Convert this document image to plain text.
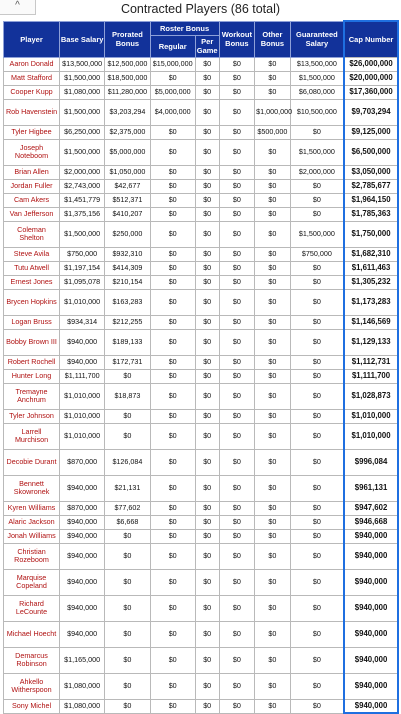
Contracted Players (86 total)
^
Player	Base Salary	Prorated Bonus	Roster Bonus		Workout Bonus	Other Bonus	Guaranteed Salary	Cap Number
			Regular	Per Game				
Aaron Donald	$13,500,000	$12,500,000	$15,000,000	$0	$0	$0	$13,500,000	$26,000,000
Matt Stafford	$1,500,000	$18,500,000	$0	$0	$0	$0	$1,500,000	$20,000,000
Cooper Kupp	$1,080,000	$11,280,000	$5,000,000	$0	$0	$0	$6,080,000	$17,360,000
Rob Havenstein	$1,500,000	$3,203,294	$4,000,000	$0	$0	$1,000,000	$10,500,000	$9,703,294
Tyler Higbee	$6,250,000	$2,375,000	$0	$0	$0	$500,000	$0	$9,125,000
Joseph Noteboom	$1,500,000	$5,000,000	$0	$0	$0	$0	$1,500,000	$6,500,000
Brian Allen	$2,000,000	$1,050,000	$0	$0	$0	$0	$2,000,000	$3,050,000
Jordan Fuller	$2,743,000	$42,677	$0	$0	$0	$0	$0	$2,785,677
Cam Akers	$1,451,779	$512,371	$0	$0	$0	$0	$0	$1,964,150
Van Jefferson	$1,375,156	$410,207	$0	$0	$0	$0	$0	$1,785,363
Coleman Shelton	$1,500,000	$250,000	$0	$0	$0	$0	$1,500,000	$1,750,000
Steve Avila	$750,000	$932,310	$0	$0	$0	$0	$750,000	$1,682,310
Tutu Atwell	$1,197,154	$414,309	$0	$0	$0	$0	$0	$1,611,463
Ernest Jones	$1,095,078	$210,154	$0	$0	$0	$0	$0	$1,305,232
Brycen Hopkins	$1,010,000	$163,283	$0	$0	$0	$0	$0	$1,173,283
Logan Bruss	$934,314	$212,255	$0	$0	$0	$0	$0	$1,146,569
Bobby Brown III	$940,000	$189,133	$0	$0	$0	$0	$0	$1,129,133
Robert Rochell	$940,000	$172,731	$0	$0	$0	$0	$0	$1,112,731
Hunter Long	$1,111,700	$0	$0	$0	$0	$0	$0	$1,111,700
Tremayne Anchrum	$1,010,000	$18,873	$0	$0	$0	$0	$0	$1,028,873
Tyler Johnson	$1,010,000	$0	$0	$0	$0	$0	$0	$1,010,000
Larrell Murchison	$1,010,000	$0	$0	$0	$0	$0	$0	$1,010,000
Decobie Durant	$870,000	$126,084	$0	$0	$0	$0	$0	$996,084
Bennett Skowronek	$940,000	$21,131	$0	$0	$0	$0	$0	$961,131
Kyren Williams	$870,000	$77,602	$0	$0	$0	$0	$0	$947,602
Alaric Jackson	$940,000	$6,668	$0	$0	$0	$0	$0	$946,668
Jonah Williams	$940,000	$0	$0	$0	$0	$0	$0	$940,000
Christian Rozeboom	$940,000	$0	$0	$0	$0	$0	$0	$940,000
Marquise Copeland	$940,000	$0	$0	$0	$0	$0	$0	$940,000
Richard LeCounte	$940,000	$0	$0	$0	$0	$0	$0	$940,000
Michael Hoecht	$940,000	$0	$0	$0	$0	$0	$0	$940,000
Demarcus Robinson	$1,165,000	$0	$0	$0	$0	$0	$0	$940,000
Ahkello Witherspoon	$1,080,000	$0	$0	$0	$0	$0	$0	$940,000
Sony Michel	$1,080,000	$0	$0	$0	$0	$0	$0	$940,000
